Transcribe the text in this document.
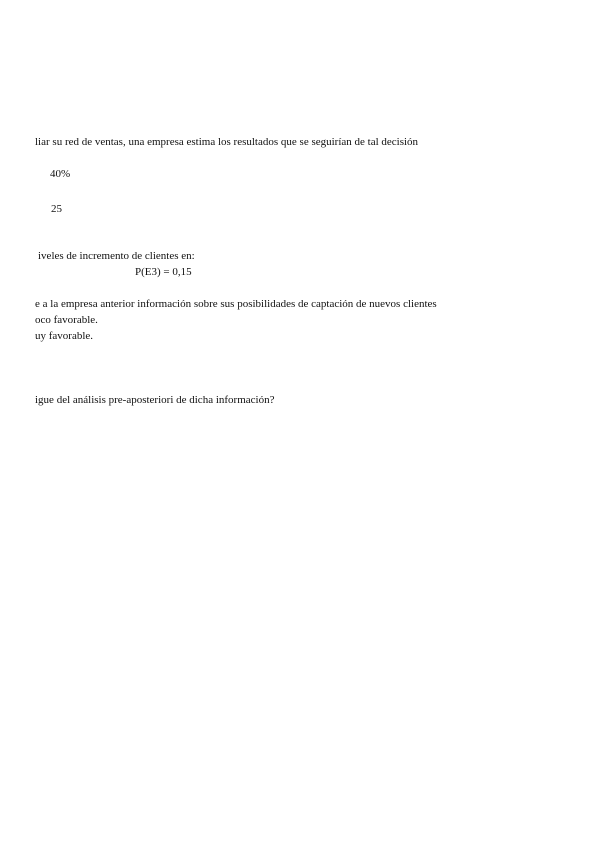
liar su red de ventas, una empresa estima los resultados que se seguirían de tal decisión
40%
25
iveles de incremento de clientes en:
P(E3) = 0,15
e a la empresa anterior información sobre sus posibilidades de captación de nuevos clientes
oco favorable.
uy favorable.
igue del análisis pre-aposteriori de dicha información?
